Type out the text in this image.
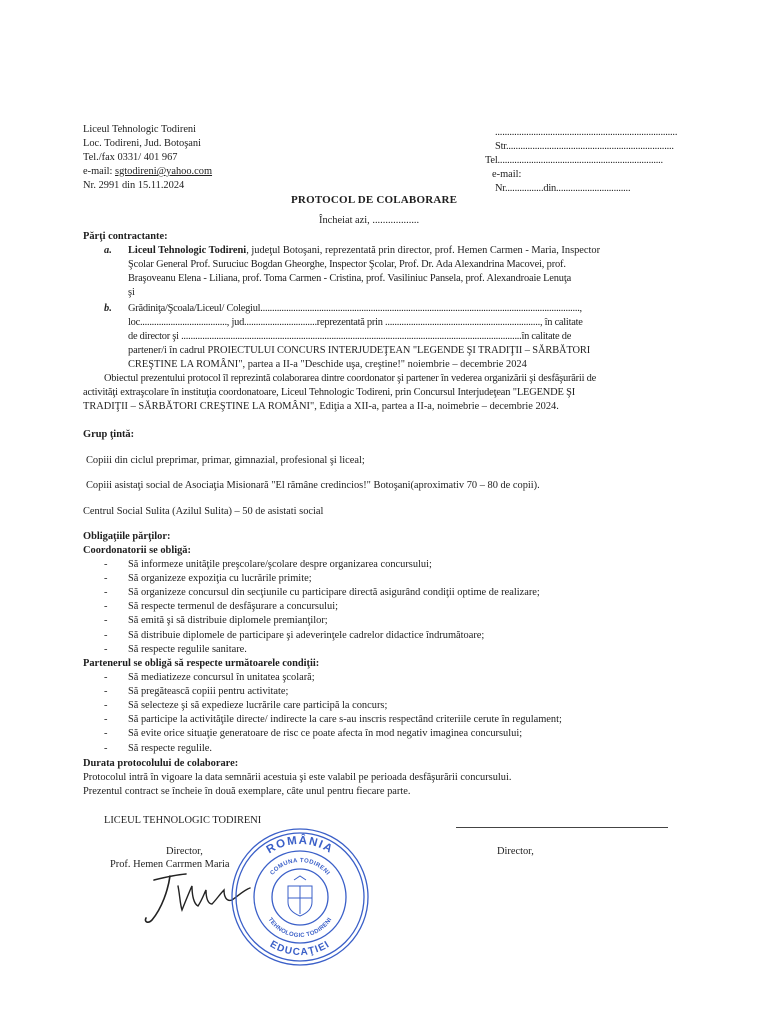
Liceul Tehnologic Todireni
Loc. Todireni, Jud. Botoşani
Tel./fax 0331/ 401 967
e-mail: sgtodireni@yahoo.com
Nr. 2991 din 15.11.2024
............................................................................
Str......................................................................
Tel.....................................................................
e-mail:
Nr................din...............................
PROTOCOL DE COLABORARE
Încheiat azi, ..................
Părţi contractante:
a. Liceul Tehnologic Todireni, judeţul Botoşani, reprezentată prin director, prof. Hemen Carmen - Maria, Inspector
Şcolar General Prof. Suruciuc Bogdan Gheorghe, Inspector Şcolar, Prof. Dr. Ada Alexandrina Macovei, prof.
Braşoveanu Elena - Liliana, prof. Toma Carmen - Cristina, prof. Vasiliniuc Pansela, prof. Alexandroaie Lenuţa
şi
b. Grădiniţa/Şcoala/Liceul/ Colegiul........................................................................................................................................,
loc....................................., jud...............................reprezentată prin .................................................................., în calitate
de director şi .................................................................................................................................................în calitate de
partener/i în cadrul PROIECTULUI CONCURS INTERJUDEŢEAN "LEGENDE ŞI TRADIŢII – SĂRBĂTORI
CREŞTINE LA ROMÂNI", partea a II-a "Deschide uşa, creştine!" noiembrie – decembrie 2024
Obiectul prezentului protocol îl reprezintă colaborarea dintre coordonator şi partener în vederea organizării şi desfăşurării de
activităţi extraşcolare în instituţia coordonatoare, Liceul Tehnologic Todireni, prin Concursul Interjudeţean "LEGENDE ŞI
TRADIŢII – SĂRBĂTORI CREŞTINE LA ROMÂNI", Ediţia a XII-a, partea a II-a, noimebrie – decembrie 2024.
Grup ţintă:
Copiii din ciclul preprimar, primar, gimnazial, profesional şi liceal;
Copiii asistaţi social de Asociaţia Misionară "El rămâne credincios!" Botoşani(aproximativ 70 – 80 de copii).
Centrul Social Sulita (Azilul Sulita) – 50 de asistati social
Obligaţiile părţilor:
Coordonatorii se obligă:
- Să informeze unităţile preşcolare/şcolare despre organizarea concursului;
- Să organizeze expoziţia cu lucrările primite;
- Să organizeze concursul din secţiunile cu participare directă asigurând condiţii optime de realizare;
- Să respecte termenul de desfăşurare a concursului;
- Să emită şi să distribuie diplomele premianţilor;
- Să distribuie diplomele de participare şi adeverinţele cadrelor didactice îndrumătoare;
- Să respecte regulile sanitare.
Partenerul se obligă să respecte următoarele condiţii:
- Să mediatizeze concursul în unitatea şcolară;
- Să pregătească copiii pentru activitate;
- Să selecteze şi să expedieze lucrările care participă la concurs;
- Să participe la activităţile directe/ indirecte la care s-au inscris respectând criteriile cerute în regulament;
- Să evite orice situaţie generatoare de risc ce poate afecta în mod negativ imaginea concursului;
- Să respecte regulile.
Durata protocolului de colaborare:
Protocolul intră în vigoare la data semnării acestuia şi este valabil pe perioada desfăşurării concursului.
Prezentul contract se încheie în două exemplare, câte unul pentru fiecare parte.
LICEUL TEHNOLOGIC TODIRENI
Director,	Director,
Prof. Hemen Carrmen Maria
ROMÂNIA
EDUCAŢIEI
COMUNA TODIRENI
TEHNOLOGIC TODIRENI
